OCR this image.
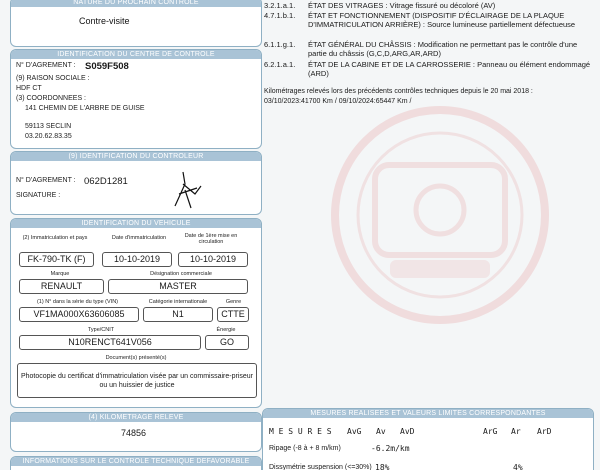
NATURE DU PROCHAIN CONTROLE
Contre-visite
IDENTIFICATION DU CENTRE DE CONTROLE
N° D'AGREMENT : S059F508
(9) RAISON SOCIALE :
HDF CT
(3) COORDONNEES :
141 CHEMIN DE L'ARBRE DE GUISE
59113 SECLIN
03.20.62.83.35
(9) IDENTIFICATION DU CONTROLEUR
N° D'AGREMENT : 062D1281
SIGNATURE :
IDENTIFICATION DU VEHICULE
(2) Immatriculation et pays	Date d'immatriculation	Date de 1ère mise en circulation
FK-790-TK (F)	10-10-2019	10-10-2019
Marque	Désignation commerciale
RENAULT	MASTER
(1) N° dans la série du type (VIN)	Catégorie internationale	Genre
VF1MA000X63606085	N1	CTTE
Type/CNIT	Énergie
N10RENCT641V056	GO
Document(s) présenté(s)
Photocopie du certificat d'immatriculation visée par un commissaire-priseur ou un huissier de justice
(4) KILOMETRAGE RELEVE
74856
INFORMATIONS SUR LE CONTROLE TECHNIQUE DEFAVORABLE
3.2.1.a.1. ÉTAT DES VITRAGES : Vitrage fissuré ou décoloré (AV)
4.7.1.b.1. ÉTAT ET FONCTIONNEMENT (DISPOSITIF D'ÉCLAIRAGE DE LA PLAQUE D'IMMATRICULATION ARRIÈRE) : Source lumineuse partiellement défectueuse
6.1.1.g.1. ÉTAT GÉNÉRAL DU CHÂSSIS : Modification ne permettant pas le contrôle d'une partie du châssis (G,C,D,ARG,AR,ARD)
6.2.1.a.1. ÉTAT DE LA CABINE ET DE LA CARROSSERIE : Panneau ou élément endommagé (ARD)
Kilométrages relevés lors des précédents contrôles techniques depuis le 20 mai 2018 : 03/10/2023:41700 Km / 09/10/2024:65447 Km /
MESURES REALISEES ET VALEURS LIMITES CORRESPONDANTES
M E S U R E S AvG Av AvD	ArG Ar ArD
Ripage (-8 à + 8 m/km)	-6.2m/km
Dissymétrie suspension (<=30%) 18%	4%
